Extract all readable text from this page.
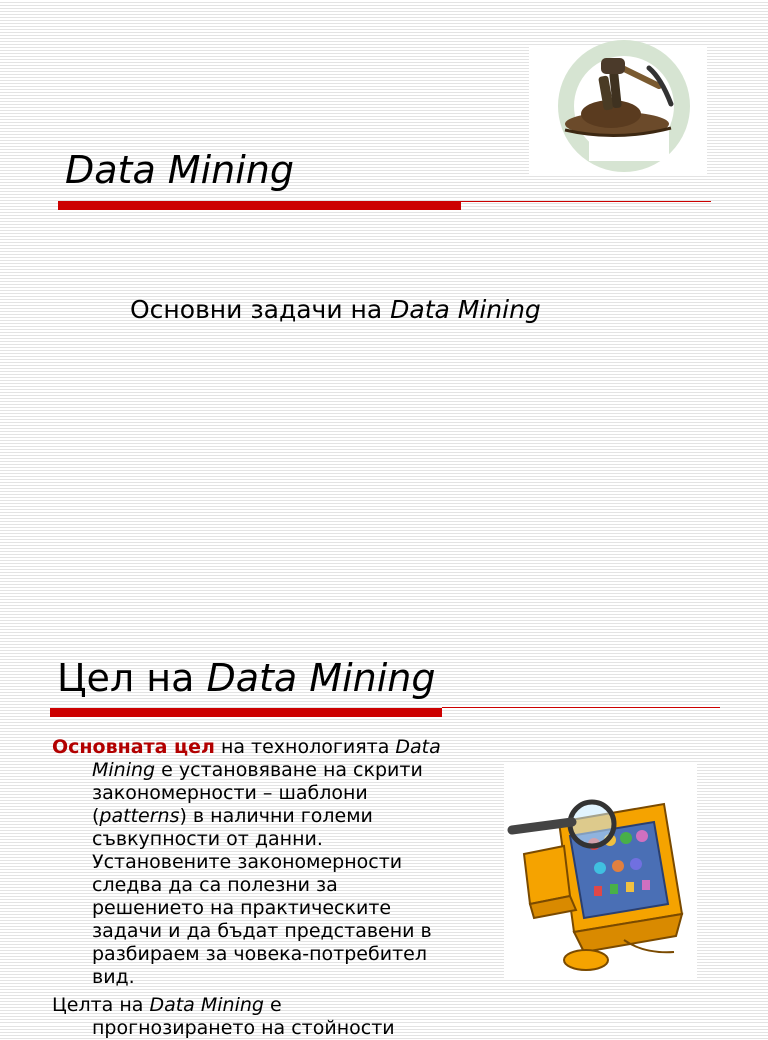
Data Mining
Основни задачи на Data Mining
Цел на Data Mining

Основната цел на технологията Data Mining е установяване на скрити закономерности – шаблони (patterns) в налични големи съвкупности от данни. Установените закономерности следва да са полезни за решението на практическите задачи и да бъдат представени в разбираем за човека-потребител вид.

Целта на Data Mining е
прогнозирането на стойности
